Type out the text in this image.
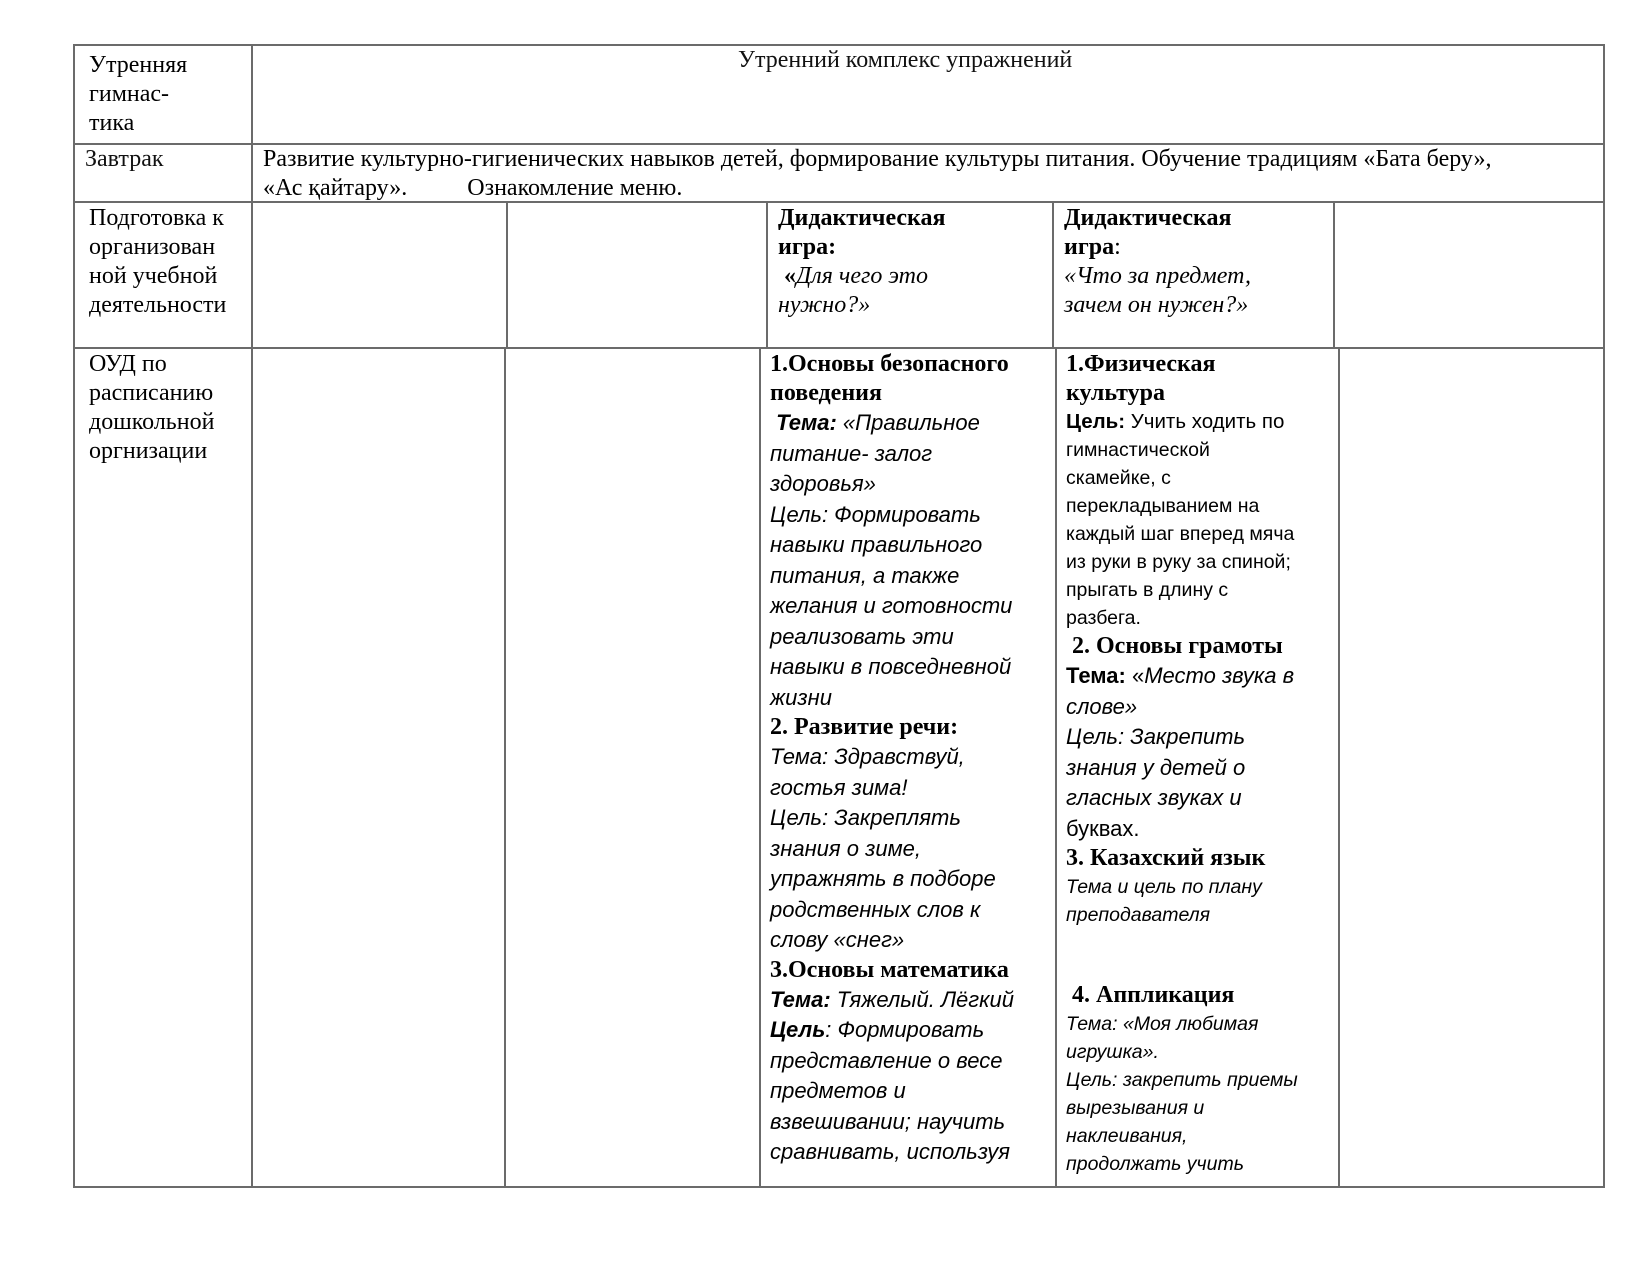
Утренняя
гимнас-
тика
Утренний комплекс упражнений
Завтрак	Развитие культурно-гигиенических навыков детей, формирование культуры питания. Обучение традициям «Бата беру»,
«Ас қайтару».          Ознакомление меню.
Подготовка к
организован
ной учебной
деятельности
Дидактическая
игра:
«Для чего это
нужно?»
Дидактическая
игра:
«Что за предмет,
зачем он нужен?»
ОУД по
расписанию
дошкольной
оргнизации
1.Основы безопасного
поведения
Тема: «Правильное
питание- залог
здоровья»
Цель: Формировать
навыки правильного
питания, а также
желания и готовности
реализовать эти
навыки в повседневной
жизни
2. Развитие речи:
Тема: Здравствуй,
гостья зима!
Цель: Закреплять
знания о зиме,
упражнять в подборе
родственных слов к
слову «снег»
3.Основы математика
Тема: Тяжелый. Лёгкий
Цель: Формировать
представление о весе
предметов и
взвешивании; научить
сравнивать, используя
1.Физическая
культура
Цель: Учить ходить по
гимнастической
скамейке, с
перекладыванием на
каждый шаг вперед мяча
из руки в руку за спиной;
прыгать в длину с
разбега.
2. Основы грамоты
Тема: «Место звука в
слове»
Цель: Закрепить
знания у детей о
гласных звуках и
буквах.
3. Казахский язык
Тема и цель по плану
преподавателя
4. Аппликация
Тема: «Моя любимая
игрушка».
Цель: закрепить приемы
вырезывания и
наклеивания,
продолжать учить
